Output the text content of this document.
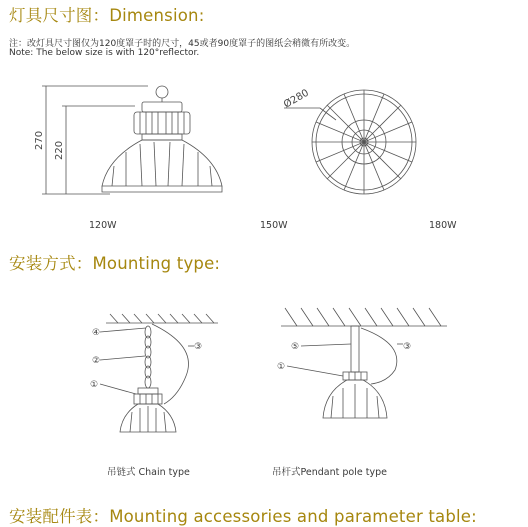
灯具尺寸图：Dimension:
注：改灯具尺寸图仅为120度罩子时的尺寸，45或者90度罩子的图纸会稍微有所改变。
Note: The below size is with 120°reflector.
270
220
Ø280
120W	150W	180W
安装方式：Mounting type:
④
②
③
①
⑤	③
①
吊链式 Chain type	吊杆式Pendant pole type
安装配件表：Mounting accessories and parameter table:
